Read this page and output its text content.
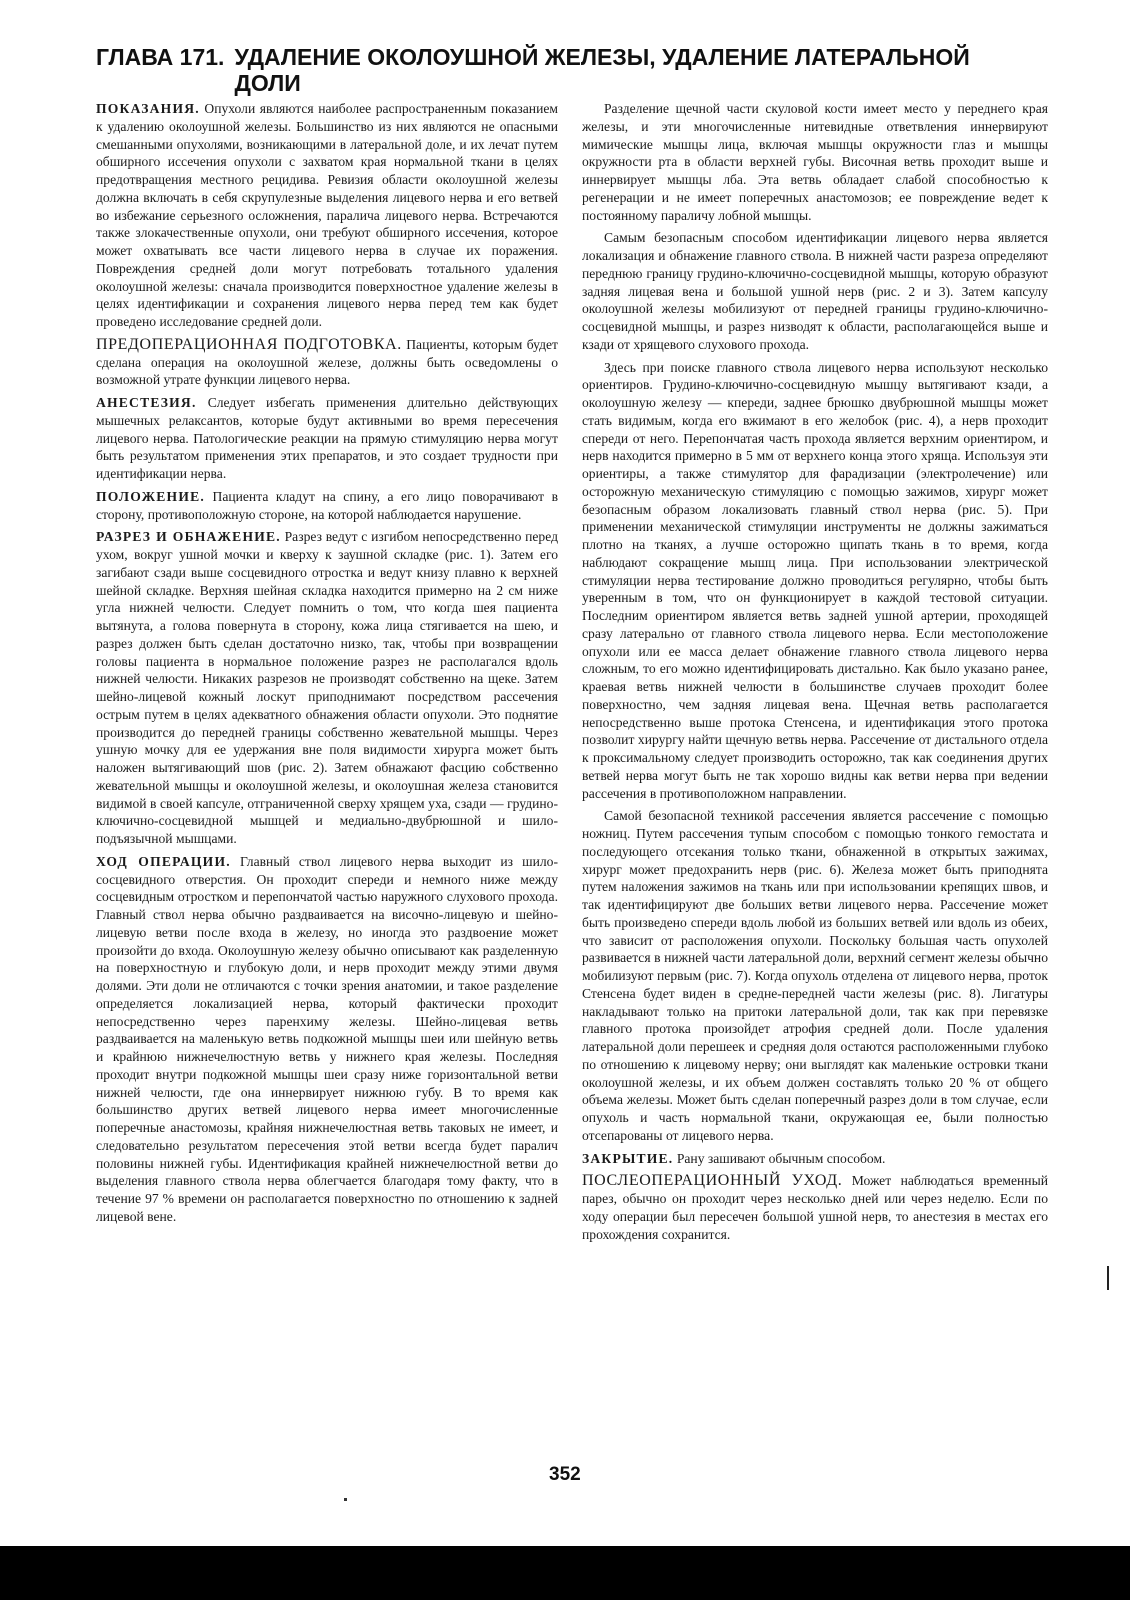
ГЛАВА 171. УДАЛЕНИЕ ОКОЛОУШНОЙ ЖЕЛЕЗЫ, УДАЛЕНИЕ ЛАТЕРАЛЬНОЙ ДОЛИ

ПОКАЗАНИЯ. Опухоли являются наиболее распространенным показанием к удалению околоушной железы. Большинство из них являются не опасными смешанными опухолями, возникающими в латеральной доле, и их лечат путем обширного иссечения опухоли с захватом края нормальной ткани в целях предотвращения местного рецидива. Ревизия области околоушной железы должна включать в себя скрупулезные выделения лицевого нерва и его ветвей во избежание серьезного осложнения, паралича лицевого нерва. Встречаются также злокачественные опухоли, они требуют обширного иссечения, которое может охватывать все части лицевого нерва в случае их поражения. Повреждения средней доли могут потребовать тотального удаления околоушной железы: сначала производится поверхностное удаление железы в целях идентификации и сохранения лицевого нерва перед тем как будет проведено исследование средней доли.

ПРЕДОПЕРАЦИОННАЯ ПОДГОТОВКА. Пациенты, которым будет сделана операция на околоушной железе, должны быть осведомлены о возможной утрате функции лицевого нерва.

АНЕСТЕЗИЯ. Следует избегать применения длительно действующих мышечных релаксантов, которые будут активными во время пересечения лицевого нерва. Патологические реакции на прямую стимуляцию нерва могут быть результатом применения этих препаратов, и это создает трудности при идентификации нерва.

ПОЛОЖЕНИЕ. Пациента кладут на спину, а его лицо поворачивают в сторону, противоположную стороне, на которой наблюдается нарушение.

РАЗРЕЗ И ОБНАЖЕНИЕ. Разрез ведут с изгибом непосредственно перед ухом, вокруг ушной мочки и кверху к заушной складке (рис. 1). Затем его загибают сзади выше сосцевидного отростка и ведут книзу плавно к верхней шейной складке. Верхняя шейная складка находится примерно на 2 см ниже угла нижней челюсти. Следует помнить о том, что когда шея пациента вытянута, а голова повернута в сторону, кожа лица стягивается на шею, и разрез должен быть сделан достаточно низко, так, чтобы при возвращении головы пациента в нормальное положение разрез не располагался вдоль нижней челюсти. Никаких разрезов не производят собственно на щеке. Затем шейно-лицевой кожный лоскут приподнимают посредством рассечения острым путем в целях адекватного обнажения области опухоли. Это поднятие производится до передней границы собственно жевательной мышцы. Через ушную мочку для ее удержания вне поля видимости хирурга может быть наложен вытягивающий шов (рис. 2). Затем обнажают фасцию собственно жевательной мышцы и околоушной железы, и околоушная железа становится видимой в своей капсуле, отграниченной сверху хрящем уха, сзади — грудино-ключично-сосцевидной мышцей и медиально-двубрюшной и шило-подъязычной мышцами.

ХОД ОПЕРАЦИИ. Главный ствол лицевого нерва выходит из шило-сосцевидного отверстия. Он проходит спереди и немного ниже между сосцевидным отростком и перепончатой частью наружного слухового прохода. Главный ствол нерва обычно раздваивается на височно-лицевую и шейно-лицевую ветви после входа в железу, но иногда это раздвоение может произойти до входа. Околоушную железу обычно описывают как разделенную на поверхностную и глубокую доли, и нерв проходит между этими двумя долями. Эти доли не отличаются с точки зрения анатомии, и такое разделение определяется локализацией нерва, который фактически проходит непосредственно через паренхиму железы. Шейно-лицевая ветвь раздваивается на маленькую ветвь подкожной мышцы шеи или шейную ветвь и крайнюю нижнечелюстную ветвь у нижнего края железы. Последняя проходит внутри подкожной мышцы шеи сразу ниже горизонтальной ветви нижней челюсти, где она иннервирует нижнюю губу. В то время как большинство других ветвей лицевого нерва имеет многочисленные поперечные анастомозы, крайняя нижнечелюстная ветвь таковых не имеет, и следовательно результатом пересечения этой ветви всегда будет паралич половины нижней губы. Идентификация крайней нижнечелюстной ветви до выделения главного ствола нерва облегчается благодаря тому факту, что в течение 97 % времени он располагается поверхностно по отношению к задней лицевой вене.

Разделение щечной части скуловой кости имеет место у переднего края железы, и эти многочисленные нитевидные ответвления иннервируют мимические мышцы лица, включая мышцы окружности глаз и мышцы окружности рта в области верхней губы. Височная ветвь проходит выше и иннервирует мышцы лба. Эта ветвь обладает слабой способностью к регенерации и не имеет поперечных анастомозов; ее повреждение ведет к постоянному параличу лобной мышцы.

Самым безопасным способом идентификации лицевого нерва является локализация и обнажение главного ствола. В нижней части разреза определяют переднюю границу грудино-ключично-сосцевидной мышцы, которую образуют задняя лицевая вена и большой ушной нерв (рис. 2 и 3). Затем капсулу околоушной железы мобилизуют от передней границы грудино-ключично-сосцевидной мышцы, и разрез низводят к области, располагающейся выше и кзади от хрящевого слухового прохода.

Здесь при поиске главного ствола лицевого нерва используют несколько ориентиров. Грудино-ключично-сосцевидную мышцу вытягивают кзади, а околоушную железу — кпереди, заднее брюшко двубрюшной мышцы может стать видимым, когда его вжимают в его желобок (рис. 4), а нерв проходит спереди от него. Перепончатая часть прохода является верхним ориентиром, и нерв находится примерно в 5 мм от верхнего конца этого хряща. Используя эти ориентиры, а также стимулятор для фарадизации (электролечение) или осторожную механическую стимуляцию с помощью зажимов, хирург может безопасным образом локализовать главный ствол нерва (рис. 5). При применении механической стимуляции инструменты не должны зажиматься плотно на тканях, а лучше осторожно щипать ткань в то время, когда наблюдают сокращение мышц лица. При использовании электрической стимуляции нерва тестирование должно проводиться регулярно, чтобы быть уверенным в том, что он функционирует в каждой тестовой ситуации. Последним ориентиром является ветвь задней ушной артерии, проходящей сразу латерально от главного ствола лицевого нерва. Если местоположение опухоли или ее масса делает обнажение главного ствола лицевого нерва сложным, то его можно идентифицировать дистально. Как было указано ранее, краевая ветвь нижней челюсти в большинстве случаев проходит более поверхностно, чем задняя лицевая вена. Щечная ветвь располагается непосредственно выше протока Стенсена, и идентификация этого протока позволит хирургу найти щечную ветвь нерва. Рассечение от дистального отдела к проксимальному следует производить осторожно, так как соединения других ветвей нерва могут быть не так хорошо видны как ветви нерва при ведении рассечения в противоположном направлении.

Самой безопасной техникой рассечения является рассечение с помощью ножниц. Путем рассечения тупым способом с помощью тонкого гемостата и последующего отсекания только ткани, обнаженной в открытых зажимах, хирург может предохранить нерв (рис. 6). Железа может быть приподнята путем наложения зажимов на ткань или при использовании крепящих швов, и так идентифицируют две больших ветви лицевого нерва. Рассечение может быть произведено спереди вдоль любой из больших ветвей или вдоль из обеих, что зависит от расположения опухоли. Поскольку большая часть опухолей развивается в нижней части латеральной доли, верхний сегмент железы обычно мобилизуют первым (рис. 7). Когда опухоль отделена от лицевого нерва, проток Стенсена будет виден в средне-передней части железы (рис. 8). Лигатуры накладывают только на притоки латеральной доли, так как при перевязке главного протока произойдет атрофия средней доли. После удаления латеральной доли перешеек и средняя доля остаются расположенными глубоко по отношению к лицевому нерву; они выглядят как маленькие островки ткани околоушной железы, и их объем должен составлять только 20 % от общего объема железы. Может быть сделан поперечный разрез доли в том случае, если опухоль и часть нормальной ткани, окружающая ее, были полностью отсепарованы от лицевого нерва.

ЗАКРЫТИЕ. Рану зашивают обычным способом.

ПОСЛЕОПЕРАЦИОННЫЙ УХОД. Может наблюдаться временный парез, обычно он проходит через несколько дней или через неделю. Если по ходу операции был пересечен большой ушной нерв, то анестезия в местах его прохождения сохранится.

352
